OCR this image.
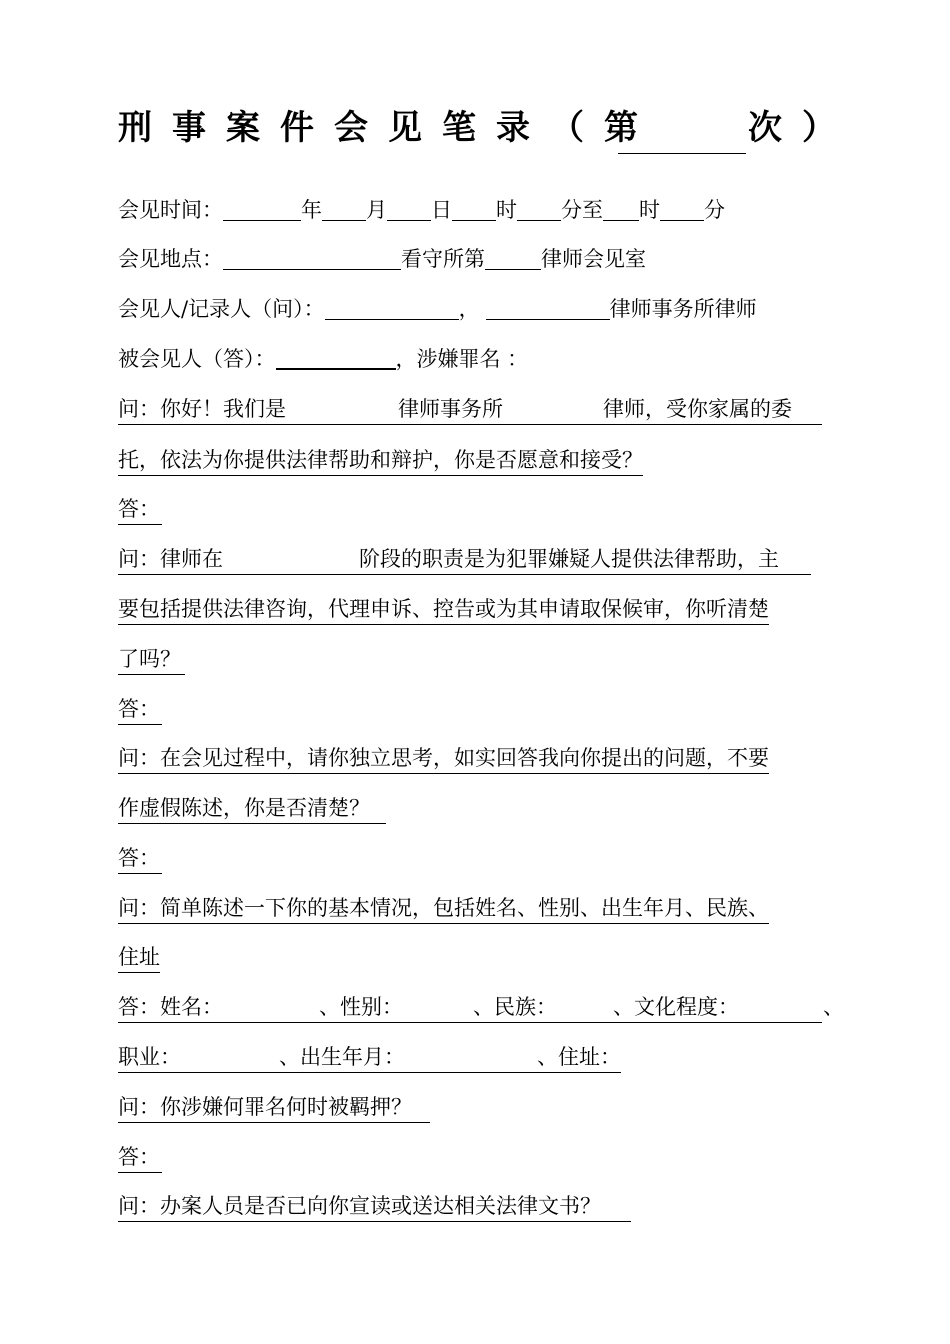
刑事案件会见笔录（第	次）
会见时间：	年 月 日 时 分至 时 分
会见地点：	看守所第	律师会见室
会见人/记录人（问）：	，	律师事务所律师
被会见人（答）：	，涉嫌罪名 ：
问：你好！我们是	律师事务所	律师，受你家属的委
托，依法为你提供法律帮助和辩护，你是否愿意和接受？
答：
问：律师在	阶段的职责是为犯罪嫌疑人提供法律帮助，主
要包括提供法律咨询，代理申诉、控告或为其申请取保候审，你听清楚
了吗？
答：
问：在会见过程中，请你独立思考，如实回答我向你提出的问题，不要
作虚假陈述，你是否清楚？
答：
问：简单陈述一下你的基本情况，包括姓名、性别、出生年月、民族、
住址
答：姓名：	、性别：	、民族：	、文化程度：	、
职业：	、出生年月：	、住址：
问：你涉嫌何罪名何时被羁押？
答：
问：办案人员是否已向你宣读或送达相关法律文书？
